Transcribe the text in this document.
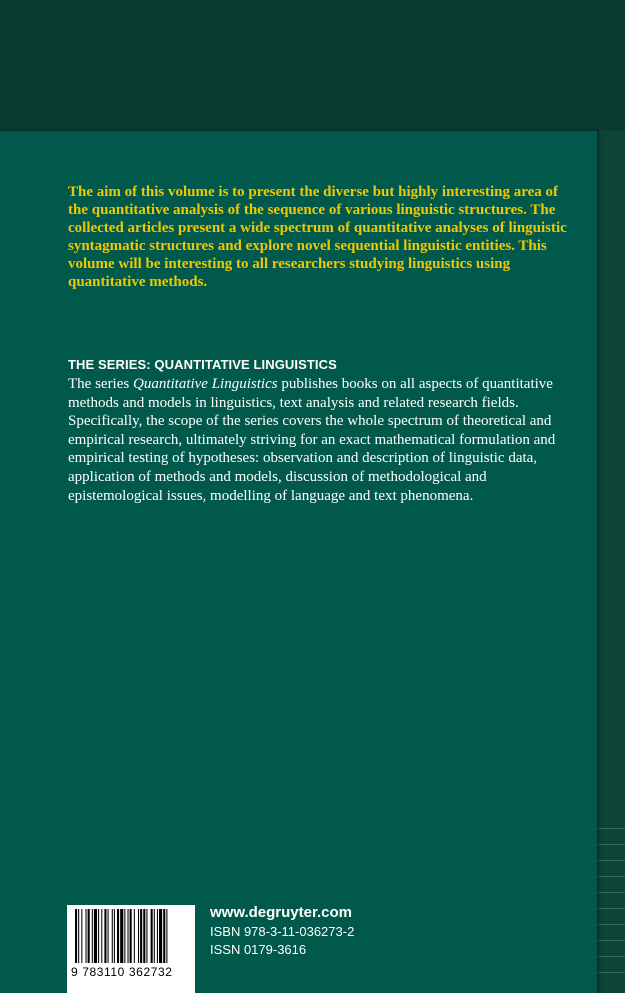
The aim of this volume is to present the diverse but highly interesting area of the quantitative analysis of the sequence of various linguistic structures. The collected articles present a wide spectrum of quantitative analyses of linguistic syntagmatic structures and explore novel sequential linguistic entities. This volume will be interesting to all researchers studying linguistics using quantitative methods.

THE SERIES: QUANTITATIVE LINGUISTICS

The series Quantitative Linguistics publishes books on all aspects of quantitative methods and models in linguistics, text analysis and related research fields. Specifically, the scope of the series covers the whole spectrum of theoretical and empirical research, ultimately striving for an exact mathematical formulation and empirical testing of hypotheses: observation and description of linguistic data, application of methods and models, discussion of methodological and epistemological issues, modelling of language and text phenomena.

9 783110 362732
www.degruyter.com
ISBN 978-3-11-036273-2
ISSN 0179-3616
